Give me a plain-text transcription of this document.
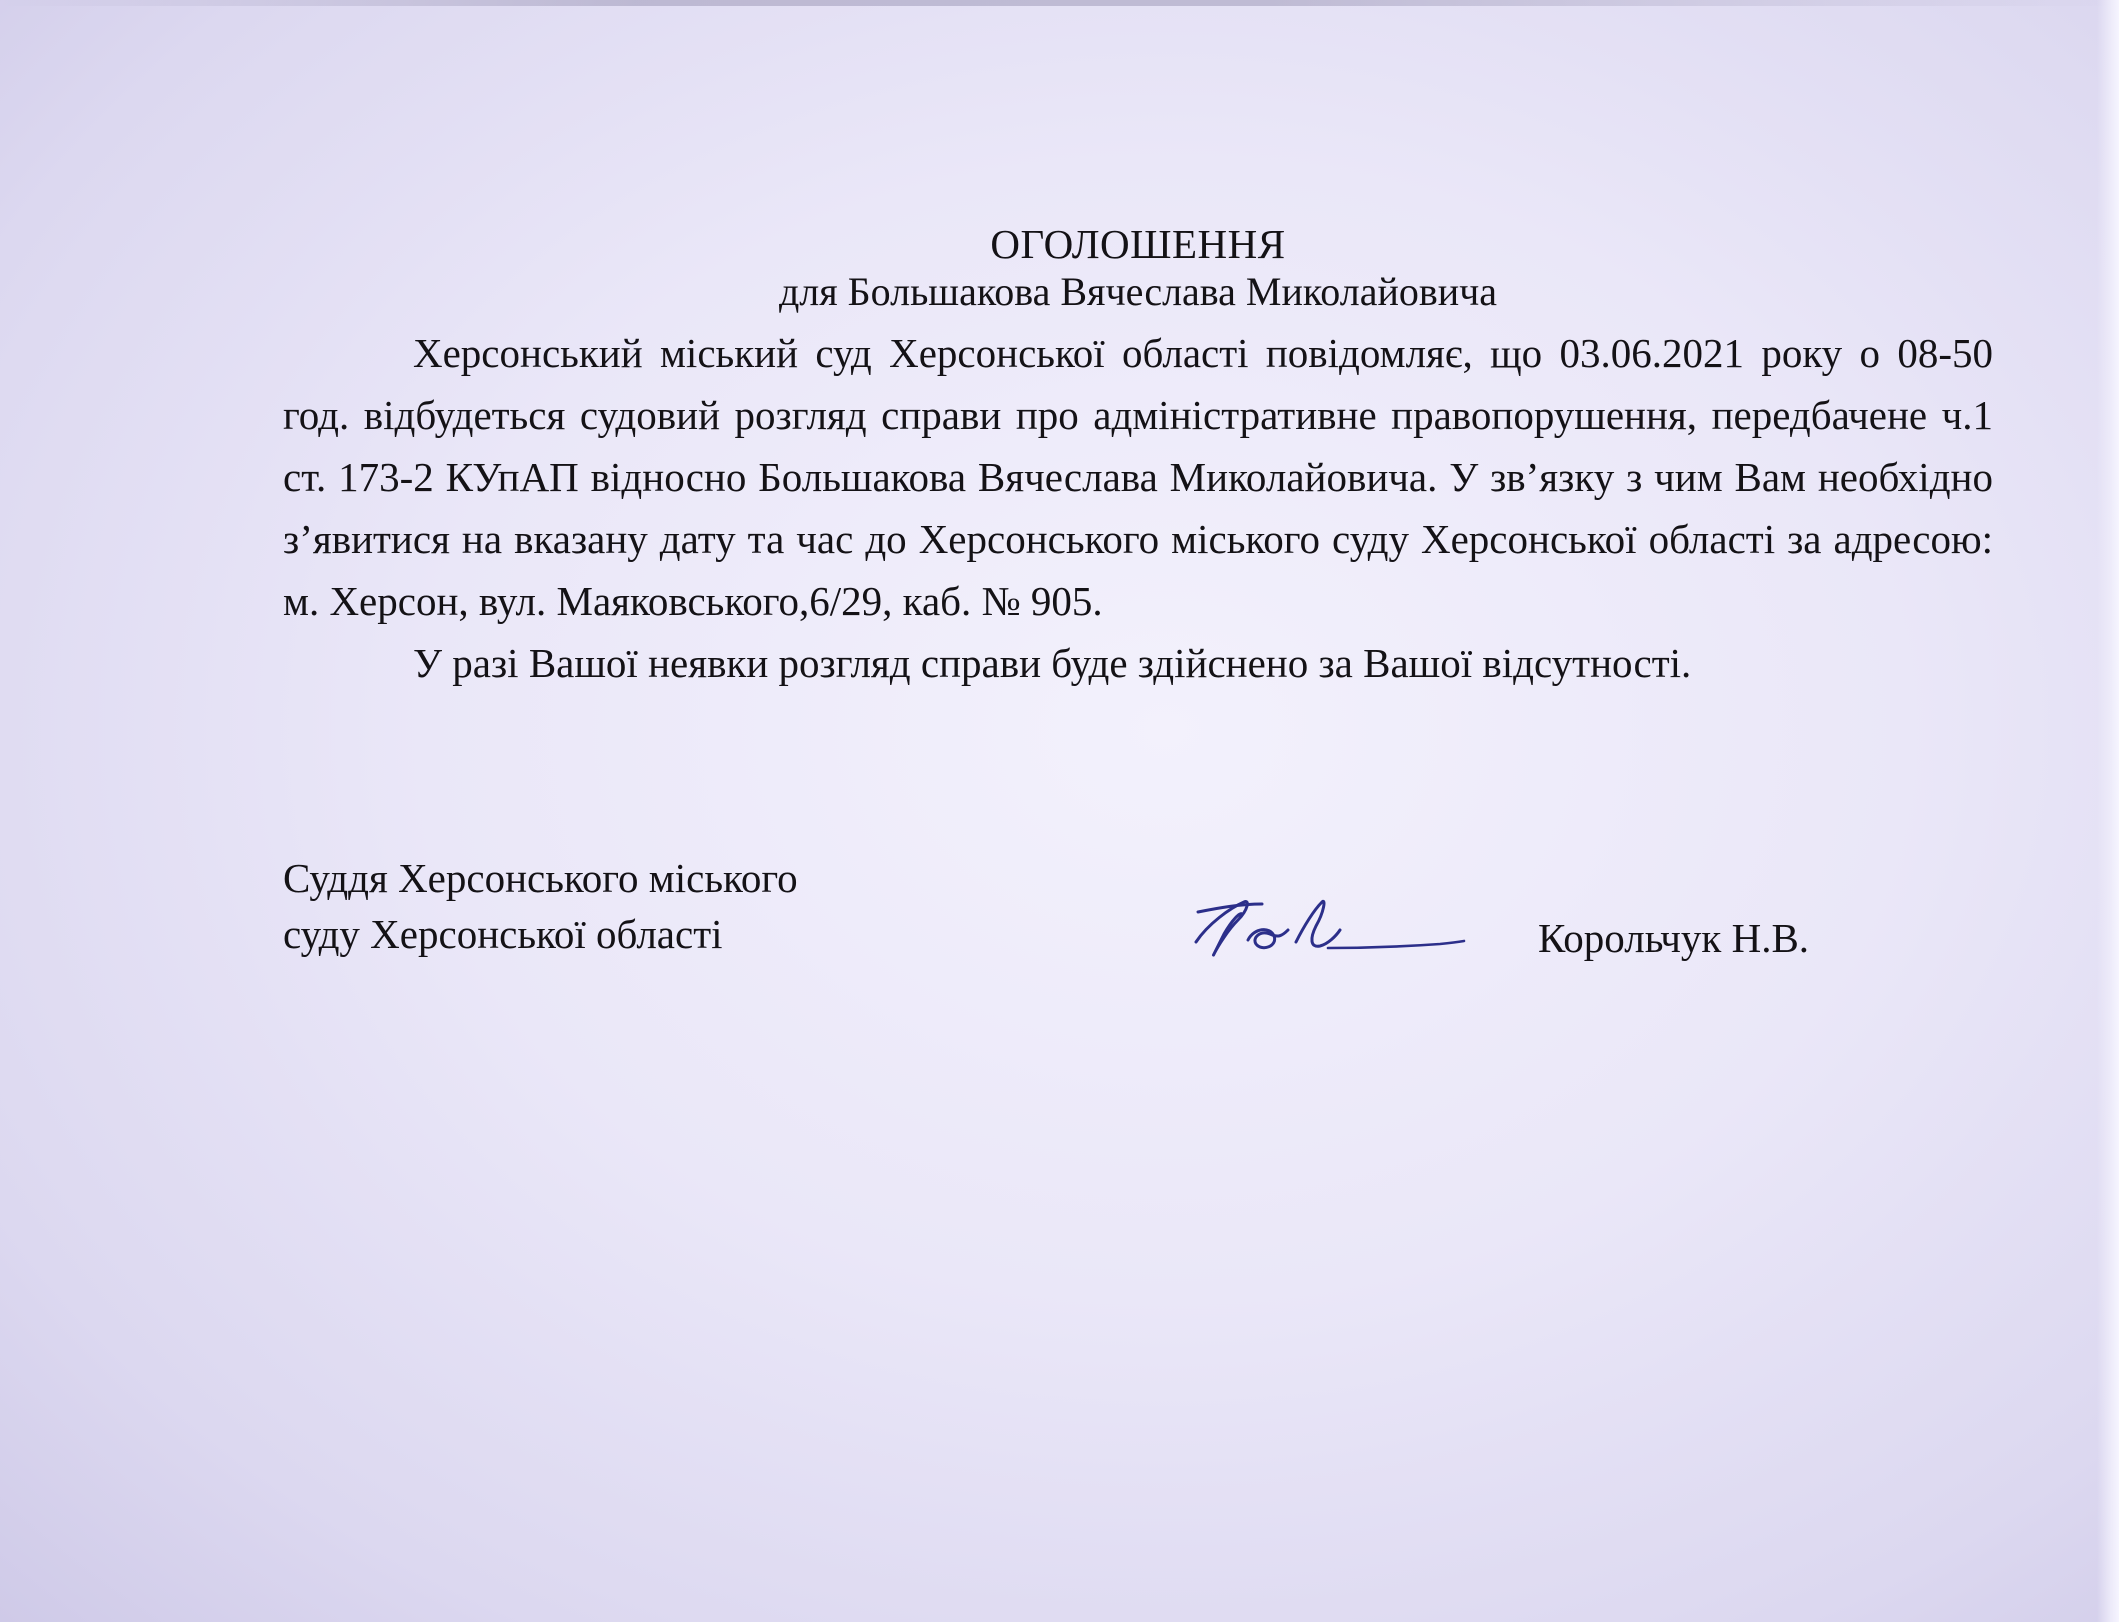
ОГОЛОШЕННЯ

для Большакова Вячеслава Миколайовича

Херсонський міський суд Херсонської області повідомляє, що 03.06.2021 року о 08-50 год. відбудеться судовий розгляд справи про адміністративне правопорушення, передбачене ч.1 ст. 173-2 КУпАП відносно Большакова Вячеслава Миколайовича. У зв’язку з чим Вам необхідно з’явитися на вказану дату та час до Херсонського міського суду Херсонської області за адресою: м. Херсон, вул. Маяковського,6/29, каб. № 905.

У разі Вашої неявки розгляд справи буде здійснено за Вашої відсутності.

Суддя Херсонського міського
суду Херсонської області	Корольчук Н.В.
